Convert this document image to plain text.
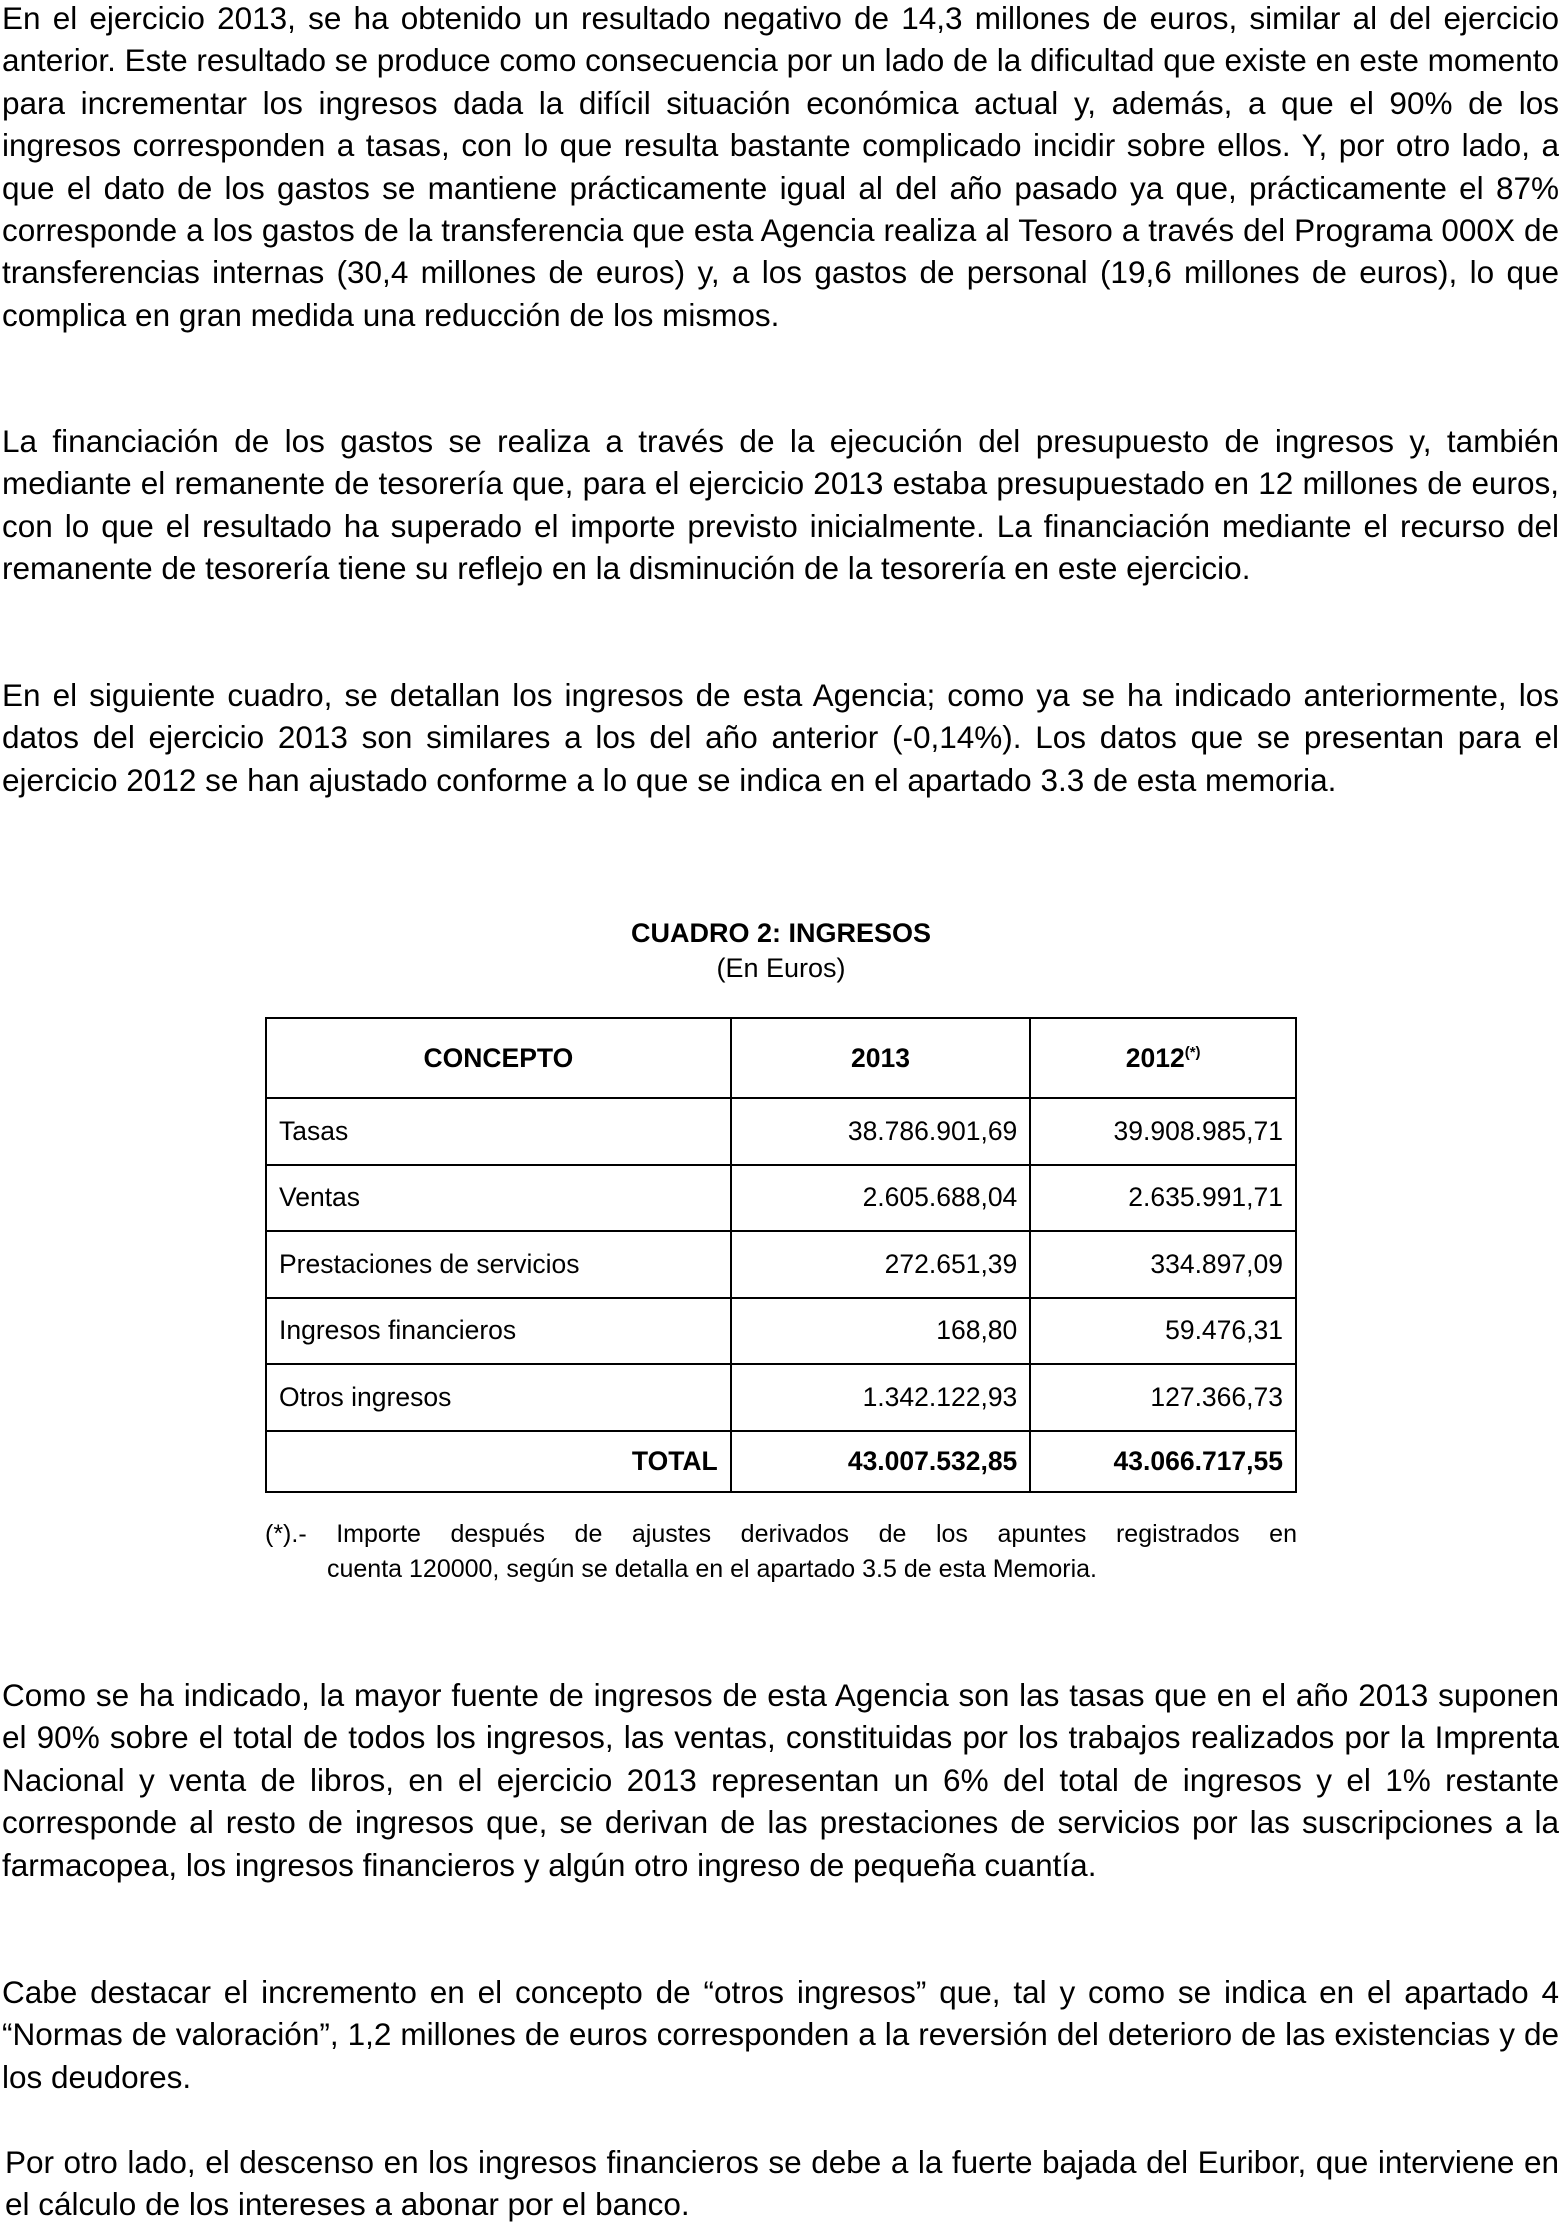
En el ejercicio 2013, se ha obtenido un resultado negativo de 14,3 millones de euros, similar al del ejercicio anterior. Este resultado se produce como consecuencia por un lado de la dificultad que existe en este momento para incrementar los ingresos dada la difícil situación económica actual y, además, a que el 90% de los ingresos corresponden a tasas, con lo que resulta bastante complicado incidir sobre ellos. Y, por otro lado, a que el dato de los gastos se mantiene prácticamente igual al del año pasado ya que, prácticamente el 87% corresponde a los gastos de la transferencia que esta Agencia realiza al Tesoro a través del Programa 000X de transferencias internas (30,4 millones de euros) y, a los gastos de personal (19,6 millones de euros), lo que complica en gran medida una reducción de los mismos.

La financiación de los gastos se realiza a través de la ejecución del presupuesto de ingresos y, también mediante el remanente de tesorería que, para el ejercicio 2013 estaba presupuestado en 12 millones de euros, con lo que el resultado ha superado el importe previsto inicialmente. La financiación mediante el recurso del remanente de tesorería tiene su reflejo en la disminución de la tesorería en este ejercicio.

En el siguiente cuadro, se detallan los ingresos de esta Agencia; como ya se ha indicado anteriormente, los datos del ejercicio 2013 son similares a los del año anterior (-0,14%). Los datos que se presentan para el ejercicio 2012 se han ajustado conforme a lo que se indica en el apartado 3.3 de esta memoria.

CUADRO 2: INGRESOS
(En Euros)
CONCEPTO	2013	2012(*)
Tasas	38.786.901,69	39.908.985,71
Ventas	2.605.688,04	2.635.991,71
Prestaciones de servicios	272.651,39	334.897,09
Ingresos financieros	168,80	59.476,31
Otros ingresos	1.342.122,93	127.366,73
TOTAL	43.007.532,85	43.066.717,55

(*).- Importe después de ajustes derivados de los apuntes registrados en
cuenta 120000, según se detalla en el apartado 3.5 de esta Memoria.

Como se ha indicado, la mayor fuente de ingresos de esta Agencia son las tasas que en el año 2013 suponen el 90% sobre el total de todos los ingresos, las ventas, constituidas por los trabajos realizados por la Imprenta Nacional y venta de libros, en el ejercicio 2013 representan un 6% del total de ingresos y el 1% restante corresponde al resto de ingresos que, se derivan de las prestaciones de servicios por las suscripciones a la farmacopea, los ingresos financieros y algún otro ingreso de pequeña cuantía.

Cabe destacar el incremento en el concepto de “otros ingresos” que, tal y como se indica en el apartado 4 “Normas de valoración”, 1,2 millones de euros corresponden a la reversión del deterioro de las existencias y de los deudores.

Por otro lado, el descenso en los ingresos financieros se debe a la fuerte bajada del Euribor, que interviene en el cálculo de los intereses a abonar por el banco.
